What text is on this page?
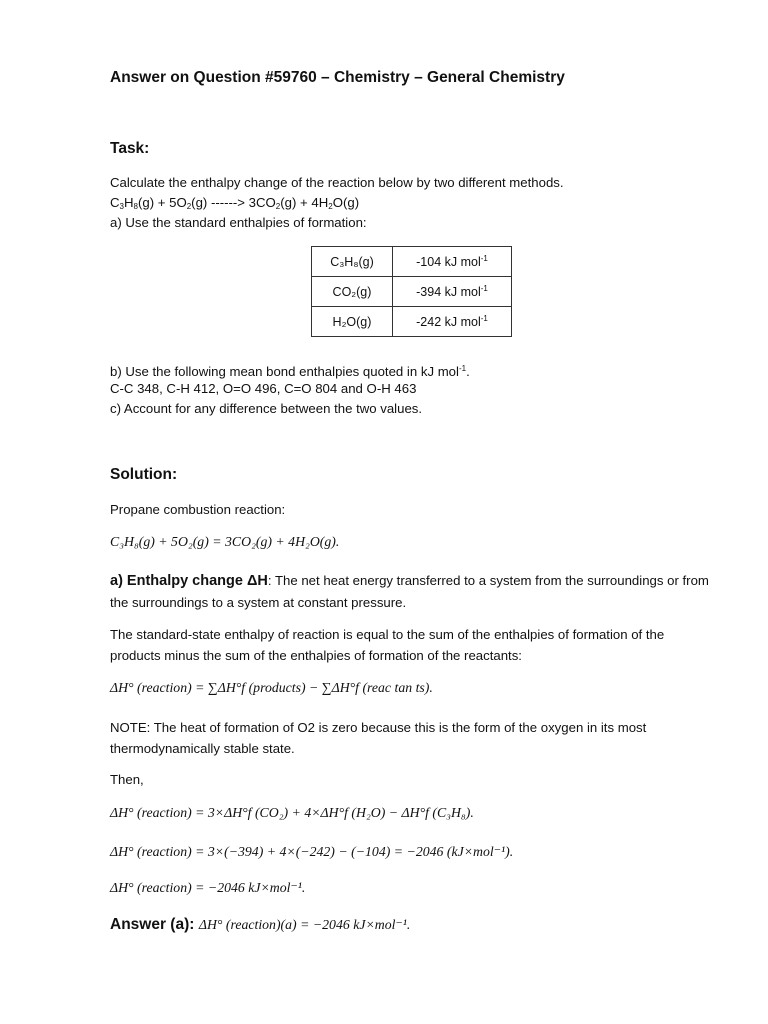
Answer on Question #59760 – Chemistry – General Chemistry
Task:
Calculate the enthalpy change of the reaction below by two different methods.
$C_3H_8(g) + 5O_2(g)$ ------> $3CO_2(g) + 4H_2O(g)$
a) Use the standard enthalpies of formation:
C₃H₈(g)	-104 kJ mol$^{-1}$
CO₂(g)	-394 kJ mol$^{-1}$
H₂O(g)	-242 kJ mol$^{-1}$
b) Use the following mean bond enthalpies quoted in kJ mol$^{-1}$.
C-C 348, C-H 412, O=O 496, C=O 804 and O-H 463
c) Account for any difference between the two values.
Solution:
Propane combustion reaction:
C₃H₈(g) + 5O₂(g) = 3CO₂(g) + 4H₂O(g).
a) Enthalpy change ΔH: The net heat energy transferred to a system from the surroundings or from the surroundings to a system at constant pressure.
The standard-state enthalpy of reaction is equal to the sum of the enthalpies of formation of the products minus the sum of the enthalpies of formation of the reactants:
ΔH° (reaction) = ∑ΔH°f (products) − ∑ΔH°f (reac tan ts).
NOTE: The heat of formation of O2 is zero because this is the form of the oxygen in its most thermodynamically stable state.
Then,
ΔH° (reaction) = 3×ΔH°f (CO₂) + 4×ΔH°f (H₂O) − ΔH°f (C₃H₈).
ΔH° (reaction) = 3×(−394) + 4×(−242) − (−104) = −2046 (kJ×mol⁻¹).
ΔH° (reaction) = −2046 kJ×mol⁻¹.
Answer (a): ΔH° (reaction)(a) = −2046 kJ×mol⁻¹.
